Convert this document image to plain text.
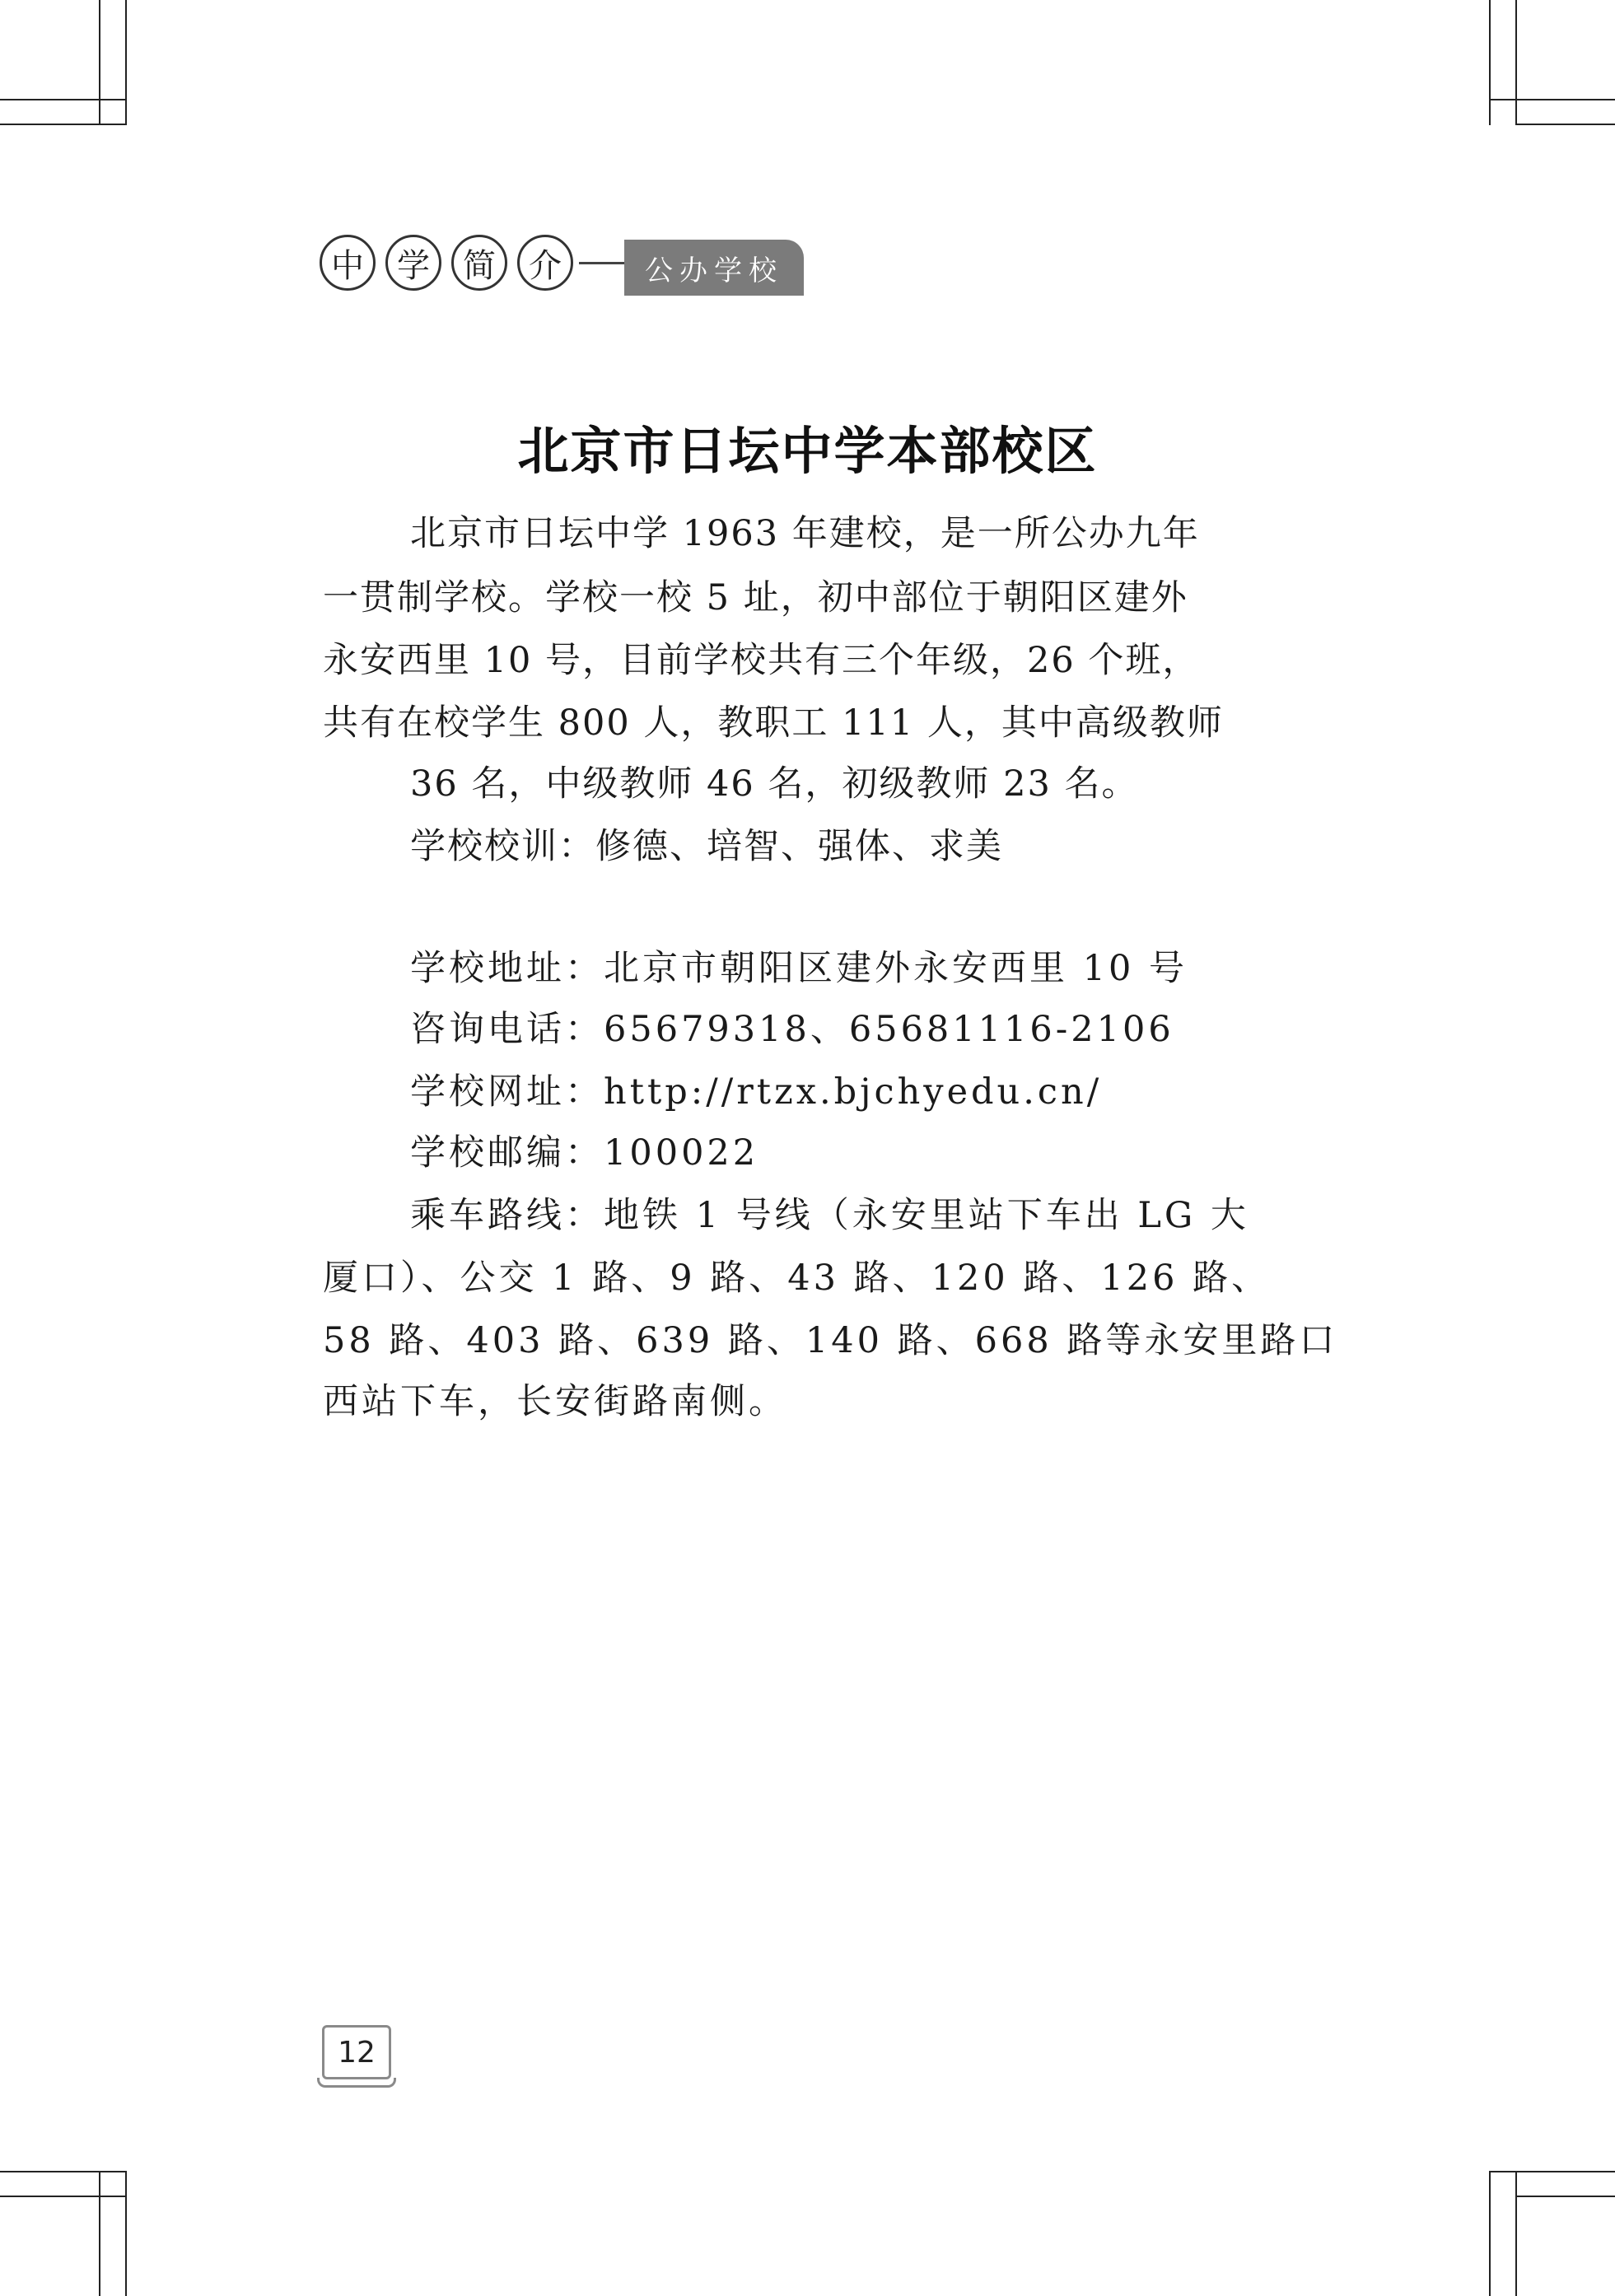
中	学	简	介	公办学校
北京市日坛中学本部校区
北京市日坛中学 1963 年建校，是一所公办九年
一贯制学校。学校一校 5 址，初中部位于朝阳区建外
永安西里 10 号，目前学校共有三个年级，26 个班，
共有在校学生 800 人，教职工 111 人，其中高级教师
36 名，中级教师 46 名，初级教师 23 名。
学校校训：修德、培智、强体、求美
学校地址：北京市朝阳区建外永安西里 10 号
咨询电话：65679318、65681116-2106
学校网址：http://rtzx.bjchyedu.cn/
学校邮编：100022
乘车路线：地铁 1 号线（永安里站下车出 LG 大
厦口）、公交 1 路、9 路、43 路、120 路、126 路、
58 路、403 路、639 路、140 路、668 路等永安里路口
西站下车，长安街路南侧。
12
